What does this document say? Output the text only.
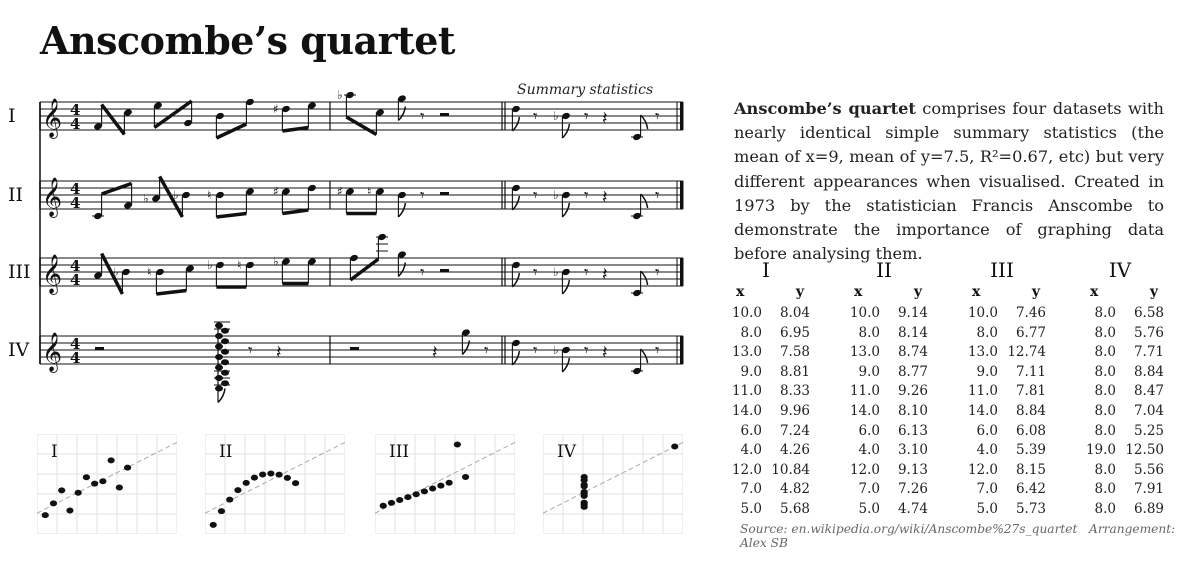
Anscombe’s quartet
Summary statistics
I 𝄞 4
4
II 𝄞 4
4
III 𝄞 4
4
IV 𝄞 4
4
♯
♭
𝄾	𝄾 ♭ 𝄾 𝄽	𝄾
♭ ♭ ♮	♯	♯ ♮	𝄾	𝄾 ♭ 𝄾 𝄽	𝄾
♭ ♮	♭ ♮	♭
𝄾	𝄾 ♭ 𝄾 𝄽	𝄾
𝄾 𝄽	𝄽	𝄾	𝄾 ♭ 𝄾 𝄽	𝄾
Anscombe’s quartet comprises four datasets with nearly identical simple summary statistics (the mean of x=9, mean of y=7.5, R²=0.67, etc) but very different appearances when visualised. Created in 1973 by the statistician Francis Anscombe to demonstrate the importance of graphing data before analysing them.
I
x	y
10.0	8.04
8.0	6.95
13.0	7.58
9.0	8.81
11.0	8.33
14.0	9.96
6.0	7.24
4.0	4.26
12.0 10.84
7.0	4.82
5.0	5.68
II
x	y
10.0	9.14
8.0	8.14
13.0	8.74
9.0	8.77
11.0	9.26
14.0	8.10
6.0	6.13
4.0	3.10
12.0	9.13
7.0	7.26
5.0	4.74
III
x	y
10.0	7.46
8.0	6.77
13.0 12.74
9.0	7.11
11.0	7.81
14.0	8.84
6.0	6.08
4.0	5.39
12.0	8.15
7.0	6.42
5.0	5.73
IV
x	y
8.0	6.58
8.0	5.76
8.0	7.71
8.0	8.84
8.0	8.47
8.0	7.04
8.0	5.25
19.0 12.50
8.0	5.56
8.0	7.91
8.0	6.89
Source: en.wikipedia.org/wiki/Anscombe%27s_quartet Arrangement: Alex SB
I	II	III	IV
